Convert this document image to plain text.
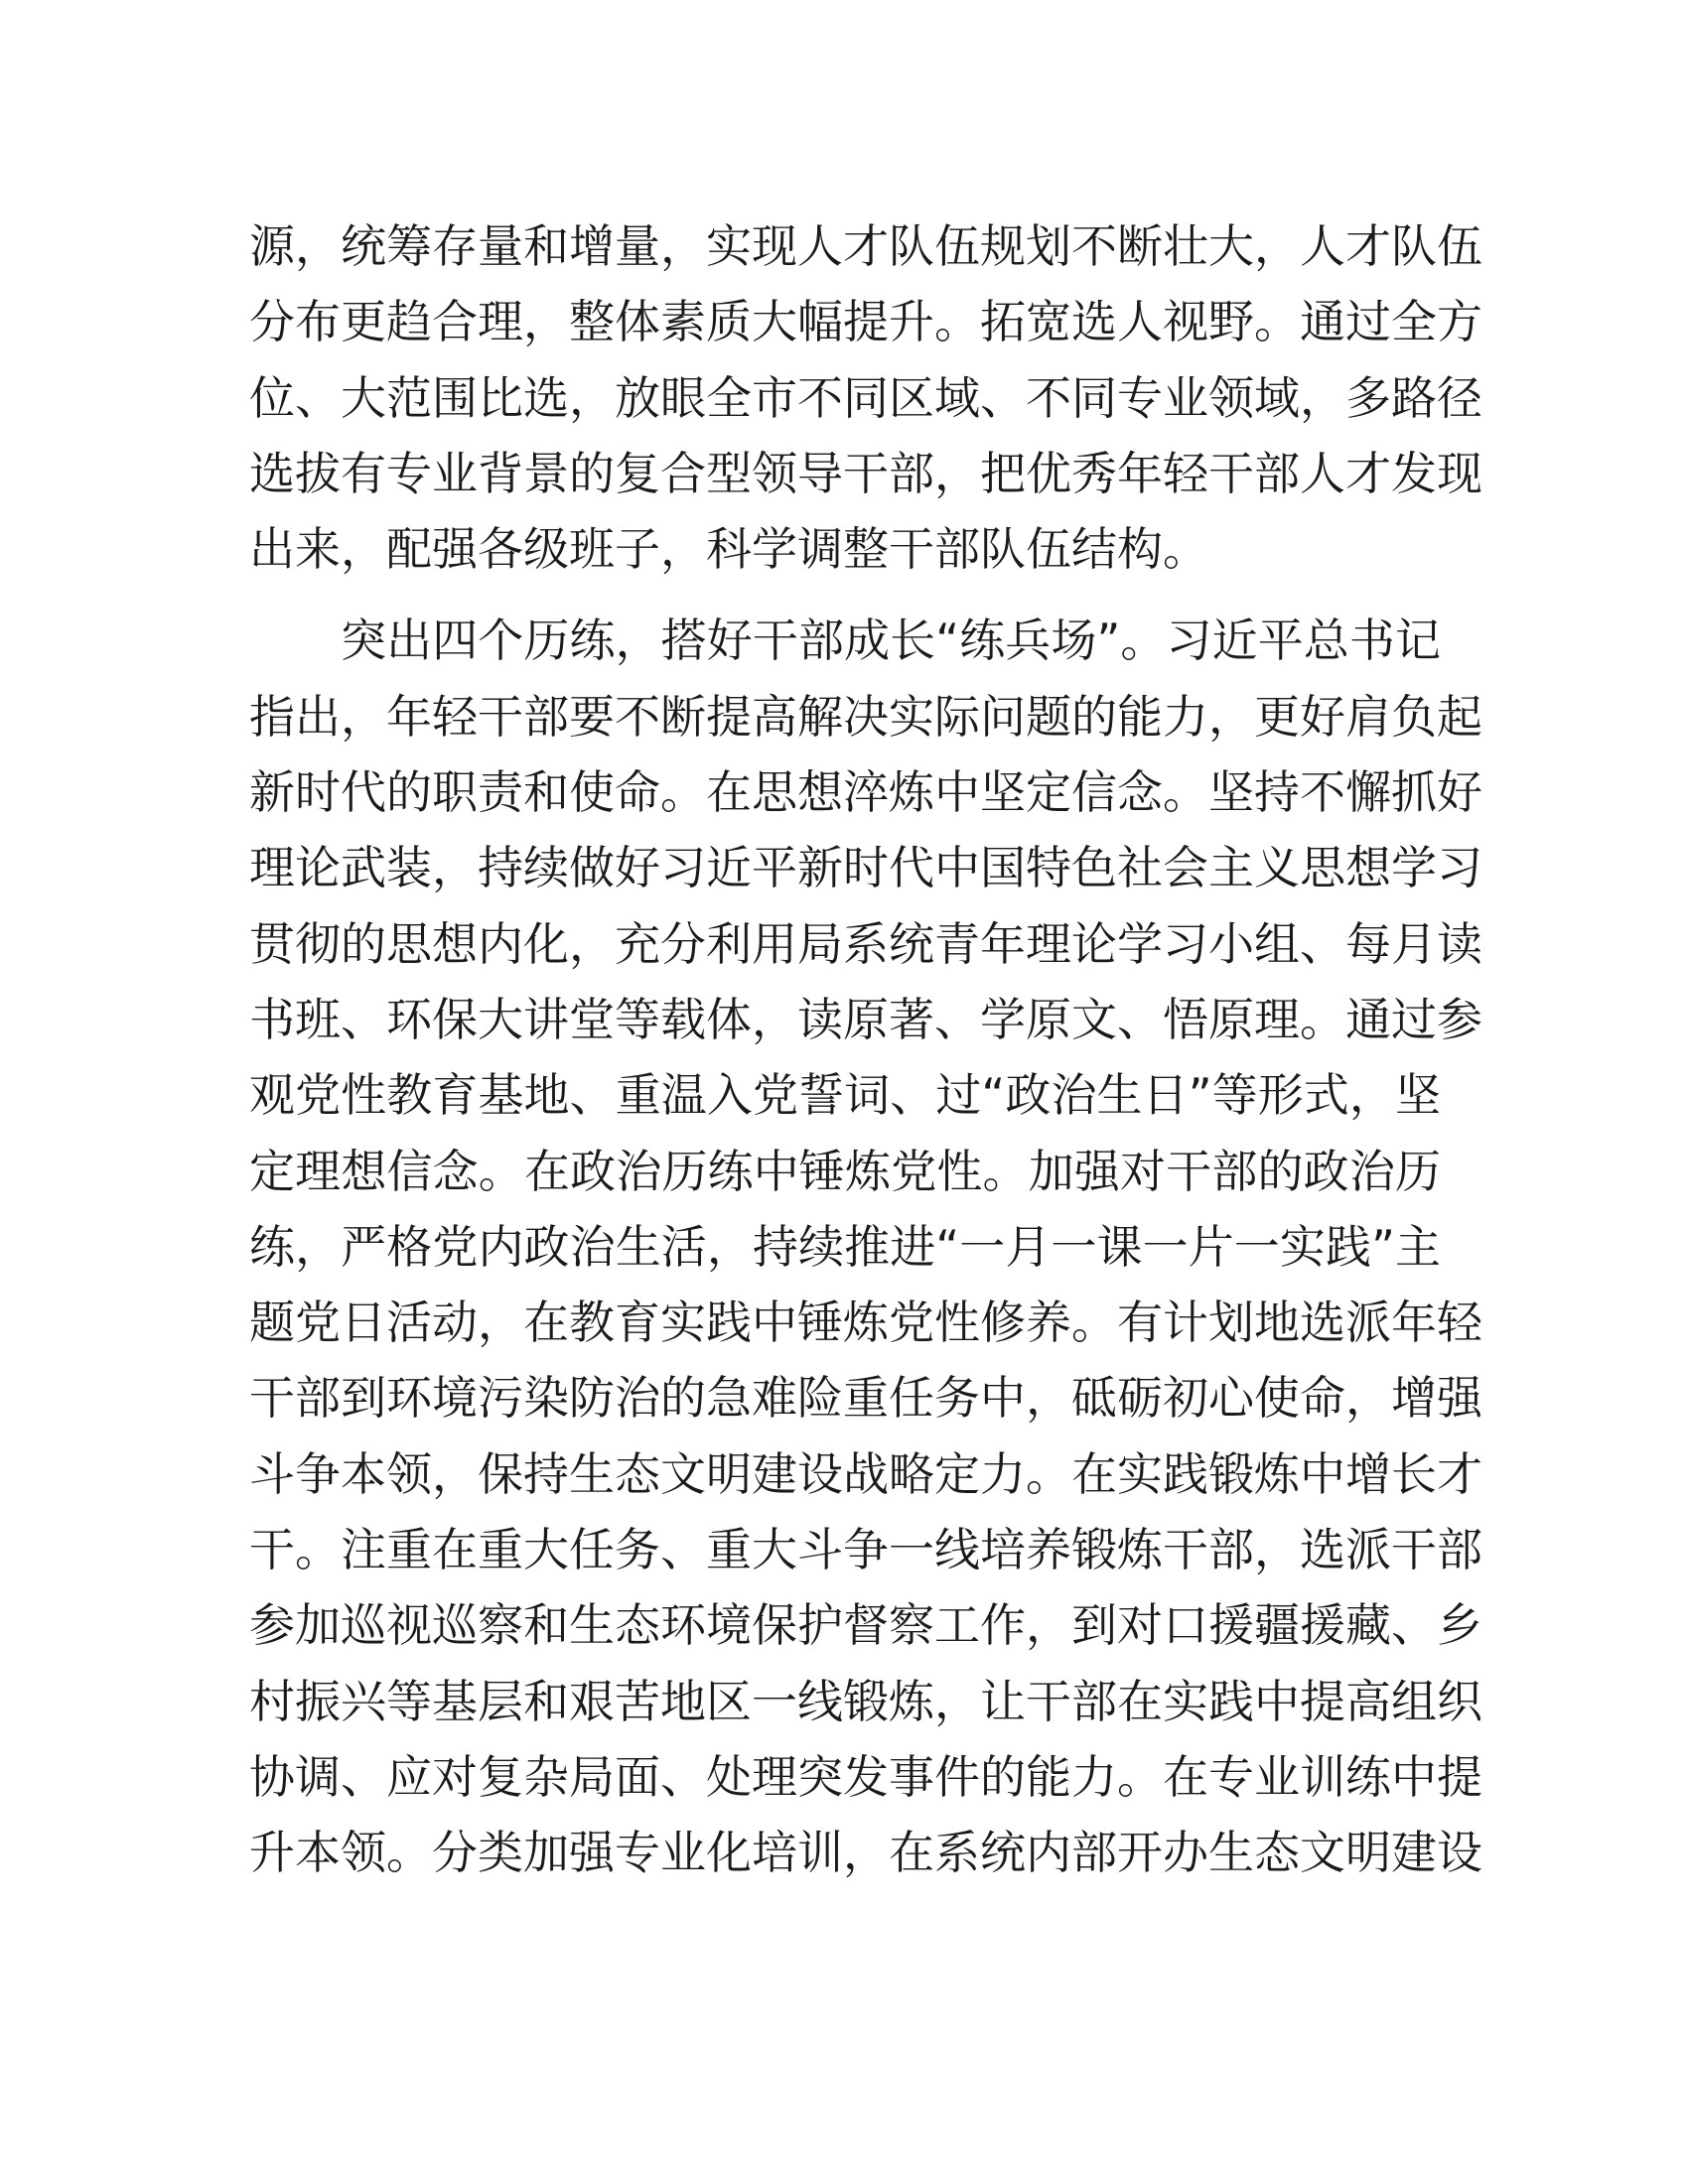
源，统筹存量和增量，实现人才队伍规划不断壮大，人才队伍
分布更趋合理，整体素质大幅提升。拓宽选人视野。通过全方
位、大范围比选，放眼全市不同区域、不同专业领域，多路径
选拔有专业背景的复合型领导干部，把优秀年轻干部人才发现
出来，配强各级班子，科学调整干部队伍结构。
突出四个历练，搭好干部成长“练兵场”。习近平总书记
指出，年轻干部要不断提高解决实际问题的能力，更好肩负起
新时代的职责和使命。在思想淬炼中坚定信念。坚持不懈抓好
理论武装，持续做好习近平新时代中国特色社会主义思想学习
贯彻的思想内化，充分利用局系统青年理论学习小组、每月读
书班、环保大讲堂等载体，读原著、学原文、悟原理。通过参
观党性教育基地、重温入党誓词、过“政治生日”等形式，坚
定理想信念。在政治历练中锤炼党性。加强对干部的政治历
练，严格党内政治生活，持续推进“一月一课一片一实践”主
题党日活动，在教育实践中锤炼党性修养。有计划地选派年轻
干部到环境污染防治的急难险重任务中，砥砺初心使命，增强
斗争本领，保持生态文明建设战略定力。在实践锻炼中增长才
干。注重在重大任务、重大斗争一线培养锻炼干部，选派干部
参加巡视巡察和生态环境保护督察工作，到对口援疆援藏、乡
村振兴等基层和艰苦地区一线锻炼，让干部在实践中提高组织
协调、应对复杂局面、处理突发事件的能力。在专业训练中提
升本领。分类加强专业化培训，在系统内部开办生态文明建设
